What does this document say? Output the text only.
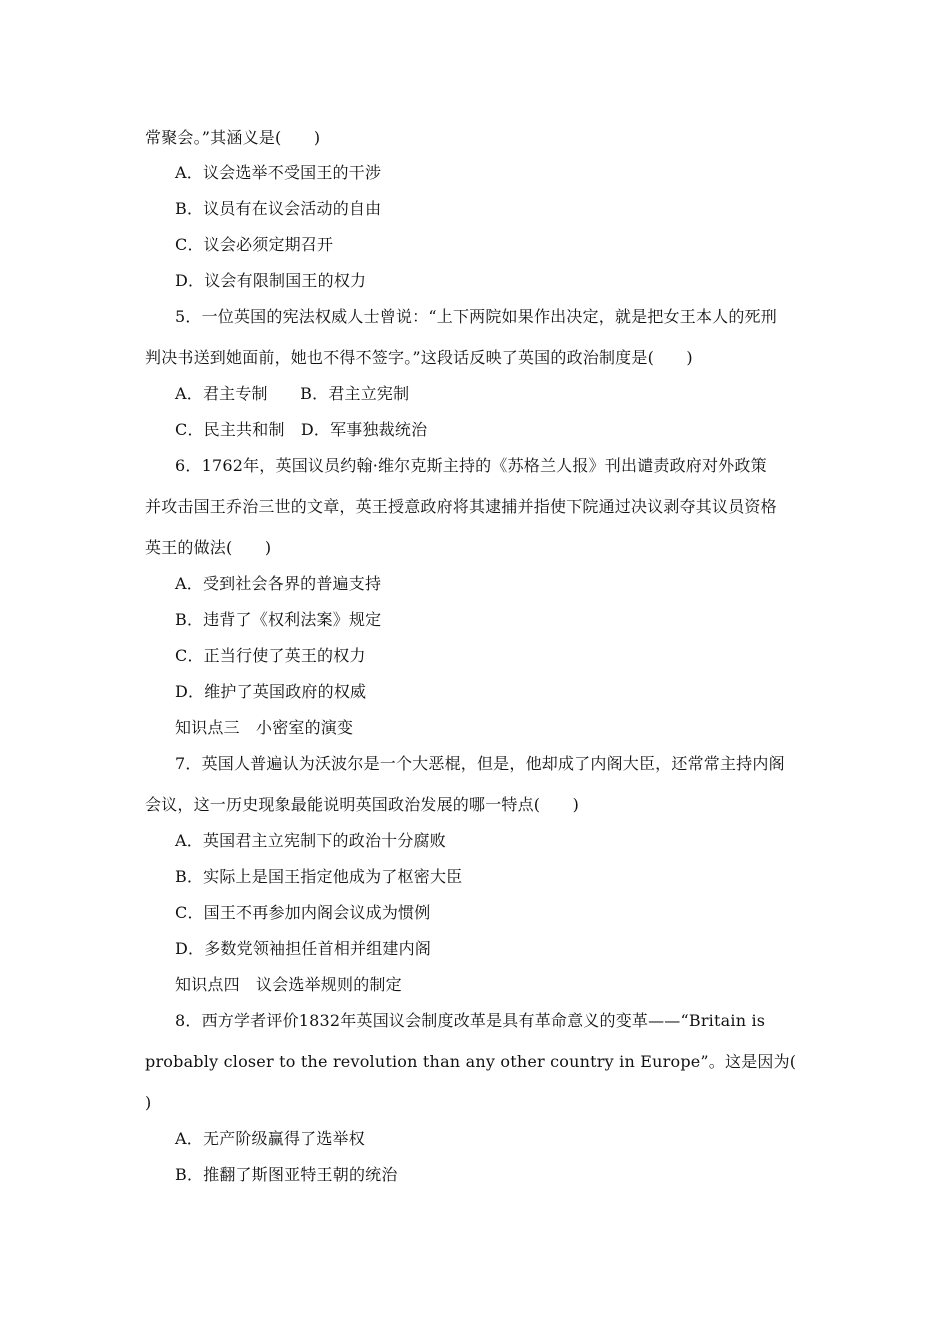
常聚会。”其涵义是(　　)
A．议会选举不受国王的干涉
B．议员有在议会活动的自由
C．议会必须定期召开
D．议会有限制国王的权力
5．一位英国的宪法权威人士曾说：“上下两院如果作出决定，就是把女王本人的死刑
判决书送到她面前，她也不得不签字。”这段话反映了英国的政治制度是(　　)
A．君主专制　　B．君主立宪制
C．民主共和制　D．军事独裁统治
6．1762年，英国议员约翰·维尔克斯主持的《苏格兰人报》刊出谴责政府对外政策
并攻击国王乔治三世的文章，英王授意政府将其逮捕并指使下院通过决议剥夺其议员资格
英王的做法(　　)
A．受到社会各界的普遍支持
B．违背了《权利法案》规定
C．正当行使了英王的权力
D．维护了英国政府的权威
知识点三　小密室的演变
7．英国人普遍认为沃波尔是一个大恶棍，但是，他却成了内阁大臣，还常常主持内阁
会议，这一历史现象最能说明英国政治发展的哪一特点(　　)
A．英国君主立宪制下的政治十分腐败
B．实际上是国王指定他成为了枢密大臣
C．国王不再参加内阁会议成为惯例
D．多数党领袖担任首相并组建内阁
知识点四　议会选举规则的制定
8．西方学者评价1832年英国议会制度改革是具有革命意义的变革——“Britain is
probably closer to the revolution than any other country in Europe”。这是因为(
)
A．无产阶级赢得了选举权
B．推翻了斯图亚特王朝的统治
